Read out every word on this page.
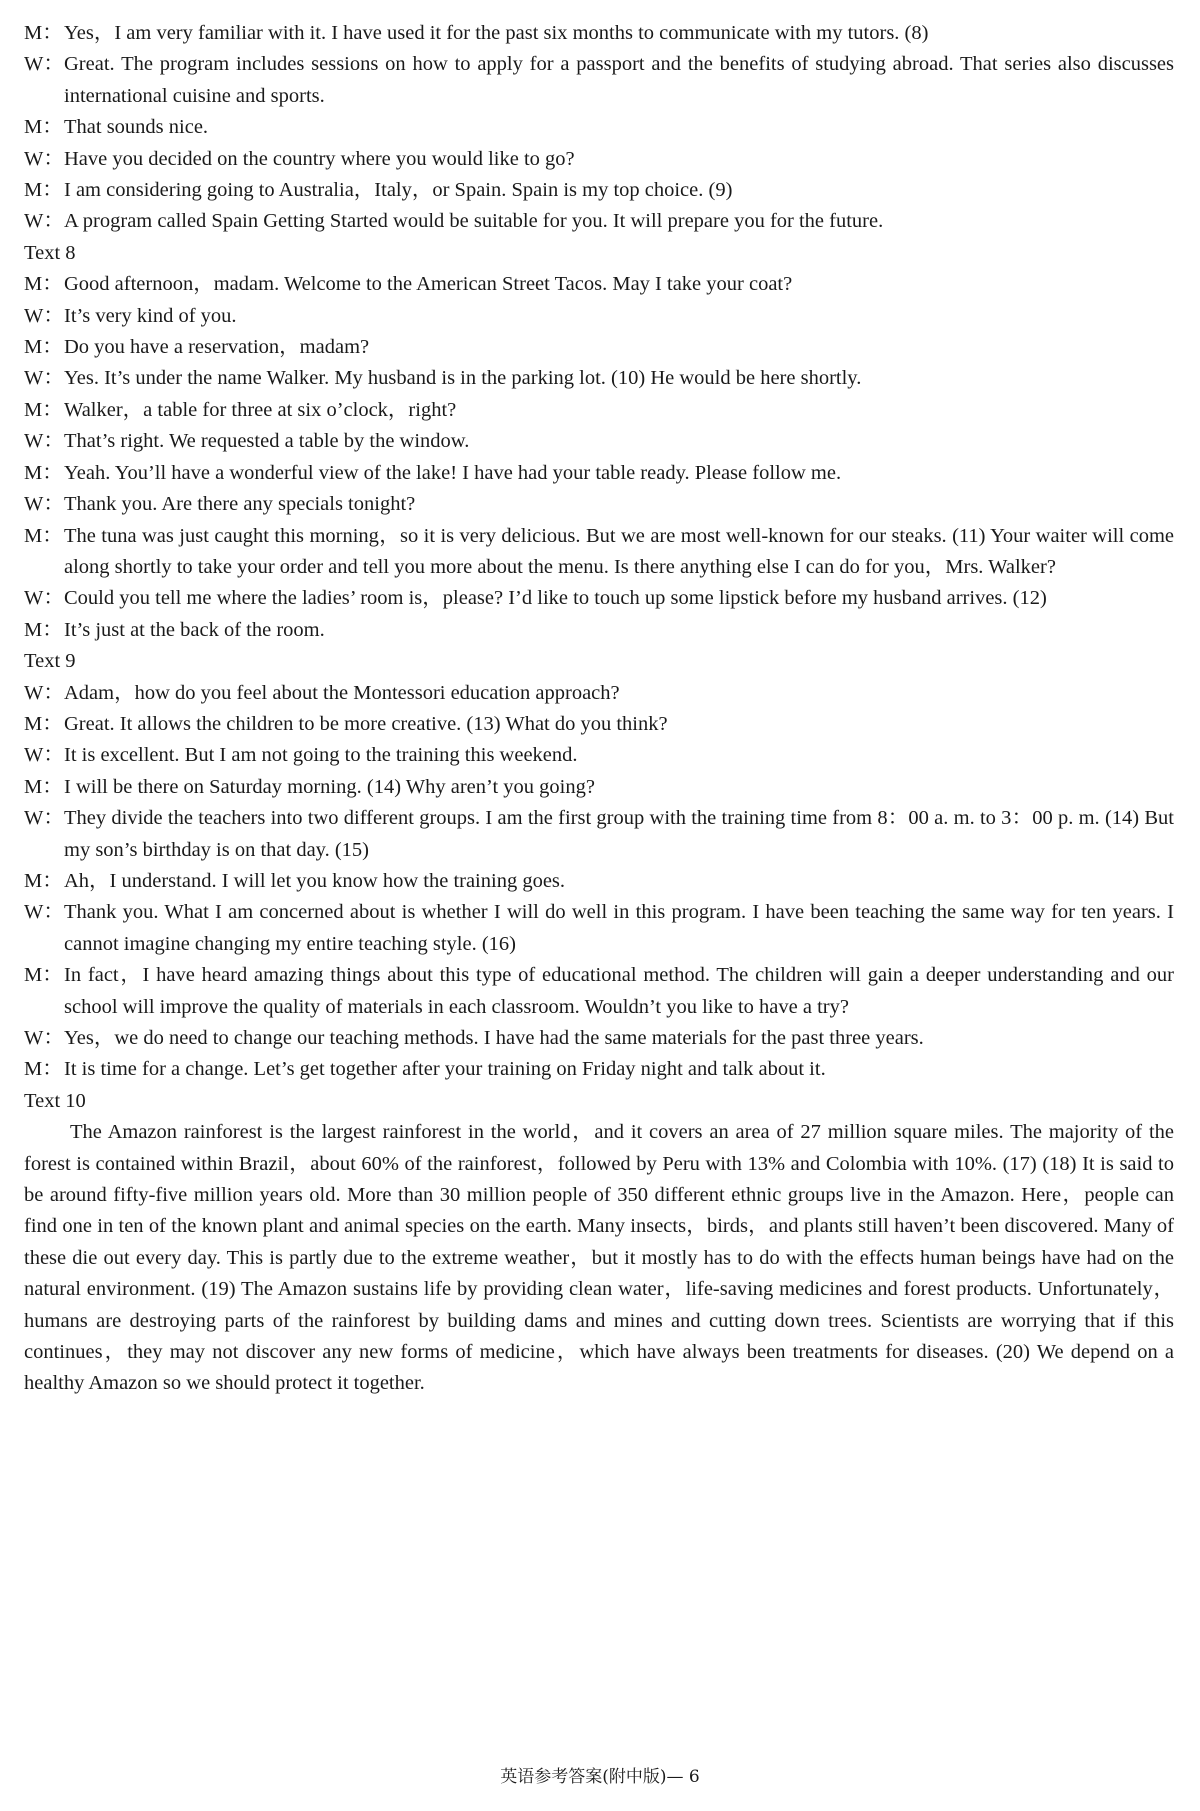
M：Yes，I am very familiar with it. I have used it for the past six months to communicate with my tutors. (8)
W：Great. The program includes sessions on how to apply for a passport and the benefits of studying abroad. That series also discusses international cuisine and sports.
M：That sounds nice.
W：Have you decided on the country where you would like to go?
M：I am considering going to Australia，Italy，or Spain. Spain is my top choice. (9)
W：A program called Spain Getting Started would be suitable for you. It will prepare you for the future.
Text 8
M：Good afternoon，madam. Welcome to the American Street Tacos. May I take your coat?
W：It’s very kind of you.
M：Do you have a reservation，madam?
W：Yes. It’s under the name Walker. My husband is in the parking lot. (10) He would be here shortly.
M：Walker，a table for three at six o’clock，right?
W：That’s right. We requested a table by the window.
M：Yeah. You’ll have a wonderful view of the lake! I have had your table ready. Please follow me.
W：Thank you. Are there any specials tonight?
M：The tuna was just caught this morning，so it is very delicious. But we are most well-known for our steaks. (11) Your waiter will come along shortly to take your order and tell you more about the menu. Is there anything else I can do for you，Mrs. Walker?
W：Could you tell me where the ladies’ room is，please? I’d like to touch up some lipstick before my husband arrives. (12)
M：It’s just at the back of the room.
Text 9
W：Adam，how do you feel about the Montessori education approach?
M：Great. It allows the children to be more creative. (13) What do you think?
W：It is excellent. But I am not going to the training this weekend.
M：I will be there on Saturday morning. (14) Why aren’t you going?
W：They divide the teachers into two different groups. I am the first group with the training time from 8：00 a. m. to 3：00 p. m. (14) But my son’s birthday is on that day. (15)
M：Ah，I understand. I will let you know how the training goes.
W：Thank you. What I am concerned about is whether I will do well in this program. I have been teaching the same way for ten years. I cannot imagine changing my entire teaching style. (16)
M：In fact，I have heard amazing things about this type of educational method. The children will gain a deeper understanding and our school will improve the quality of materials in each classroom. Wouldn’t you like to have a try?
W：Yes，we do need to change our teaching methods. I have had the same materials for the past three years.
M：It is time for a change. Let’s get together after your training on Friday night and talk about it.
Text 10
The Amazon rainforest is the largest rainforest in the world，and it covers an area of 27 million square miles. The majority of the forest is contained within Brazil，about 60% of the rainforest，followed by Peru with 13% and Colombia with 10%. (17) (18) It is said to be around fifty-five million years old. More than 30 million people of 350 different ethnic groups live in the Amazon. Here，people can find one in ten of the known plant and animal species on the earth. Many insects，birds，and plants still haven’t been discovered. Many of these die out every day. This is partly due to the extreme weather，but it mostly has to do with the effects human beings have had on the natural environment. (19) The Amazon sustains life by providing clean water，life-saving medicines and forest products. Unfortunately，humans are destroying parts of the rainforest by building dams and mines and cutting down trees. Scientists are worrying that if this continues，they may not discover any new forms of medicine，which have always been treatments for diseases. (20) We depend on a healthy Amazon so we should protect it together.
英语参考答案(附中版)— 6
